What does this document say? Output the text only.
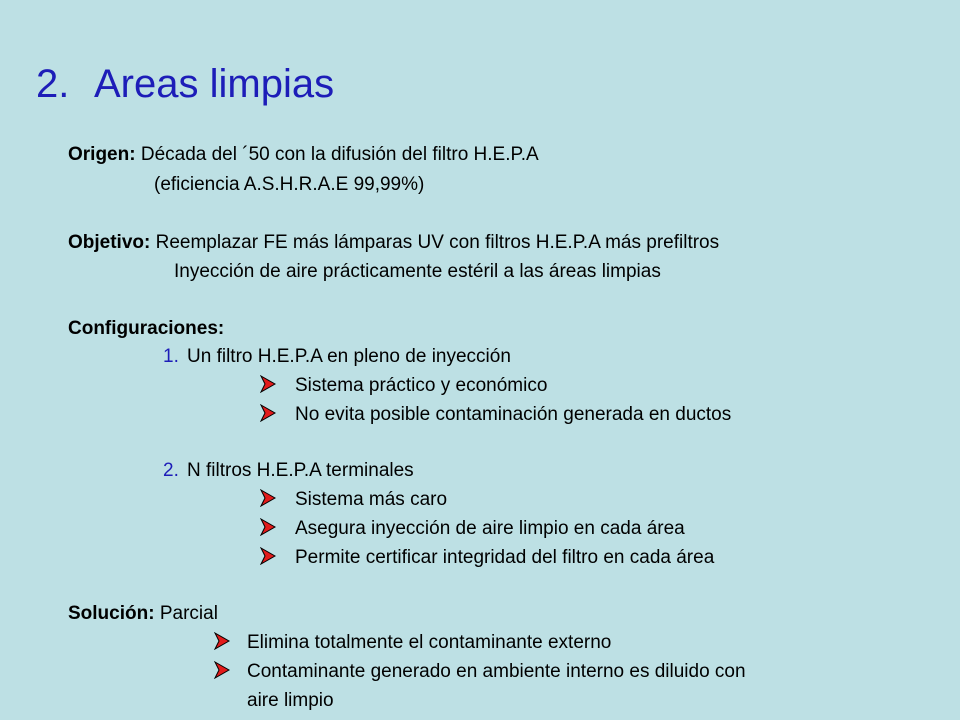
2. Areas limpias
Origen: Década del ´50 con la difusión del filtro H.E.P.A
(eficiencia A.S.H.R.A.E 99,99%)
Objetivo: Reemplazar FE más lámparas UV con filtros H.E.P.A más prefiltros
Inyección de aire prácticamente estéril a las áreas limpias
Configuraciones:
1. Un filtro H.E.P.A en pleno de inyección
Sistema práctico y económico
No evita posible contaminación generada en ductos
2. N filtros H.E.P.A terminales
Sistema más caro
Asegura inyección de aire limpio en cada área
Permite certificar integridad del filtro en cada área
Solución: Parcial
Elimina totalmente el contaminante externo
Contaminante generado en ambiente interno es diluido con
aire limpio
